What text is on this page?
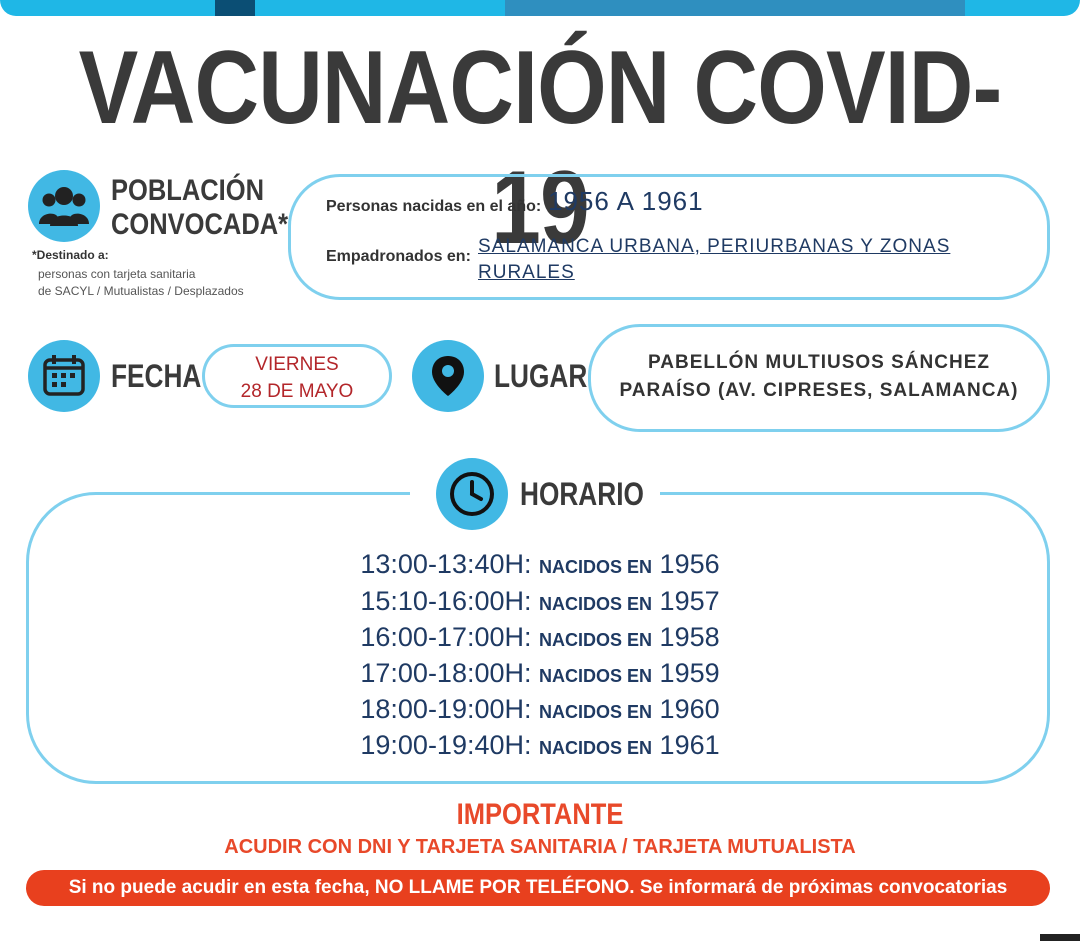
VACUNACIÓN COVID-19
POBLACIÓN
CONVOCADA*
*Destinado a:
personas con tarjeta sanitaria
de SACYL / Mutualistas / Desplazados
Personas nacidas en el año: 1956 A 1961
Empadronados en: SALAMANCA URBANA, PERIURBANAS Y ZONAS
RURALES
FECHA	VIERNES
28 DE MAYO	LUGAR	PABELLÓN MULTIUSOS SÁNCHEZ
PARAÍSO (AV. CIPRESES, SALAMANCA)
HORARIO
13:00-13:40H: NACIDOS EN 1956
15:10-16:00H: NACIDOS EN 1957
16:00-17:00H: NACIDOS EN 1958
17:00-18:00H: NACIDOS EN 1959
18:00-19:00H: NACIDOS EN 1960
19:00-19:40H: NACIDOS EN 1961
IMPORTANTE
ACUDIR CON DNI Y TARJETA SANITARIA / TARJETA MUTUALISTA
Si no puede acudir en esta fecha, NO LLAME POR TELÉFONO. Se informará de próximas convocatorias
